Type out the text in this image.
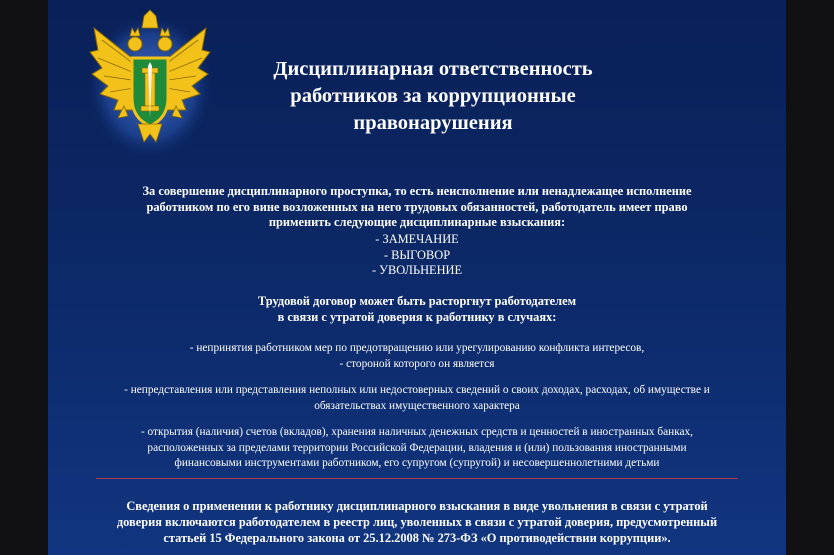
Дисциплинарная ответственность
работников за коррупционные
правонарушения
За совершение дисциплинарного проступка, то есть неисполнение или ненадлежащее исполнение
работником по его вине возложенных на него трудовых обязанностей, работодатель имеет право
применить следующие дисциплинарные взыскания:
- ЗАМЕЧАНИЕ
- ВЫГОВОР
- УВОЛЬНЕНИЕ
Трудовой договор может быть расторгнут работодателем
в связи с утратой доверия к работнику в случаях:
- непринятия работником мер по предотвращению или урегулированию конфликта интересов,
- стороной которого он является
- непредставления или представления неполных или недостоверных сведений о своих доходах, расходах, об имуществе и
обязательствах имущественного характера
- открытия (наличия) счетов (вкладов), хранения наличных денежных средств и ценностей в иностранных банках,
расположенных за пределами территории Российской Федерации, владения и (или) пользования иностранными
финансовыми инструментами работником, его супругом (супругой) и несовершеннолетними детьми
Сведения о применении к работнику дисциплинарного взыскания в виде увольнения в связи с утратой
доверия включаются работодателем в реестр лиц, уволенных в связи с утратой доверия, предусмотренный
статьей 15 Федерального закона от 25.12.2008 № 273-ФЗ «О противодействии коррупции».
